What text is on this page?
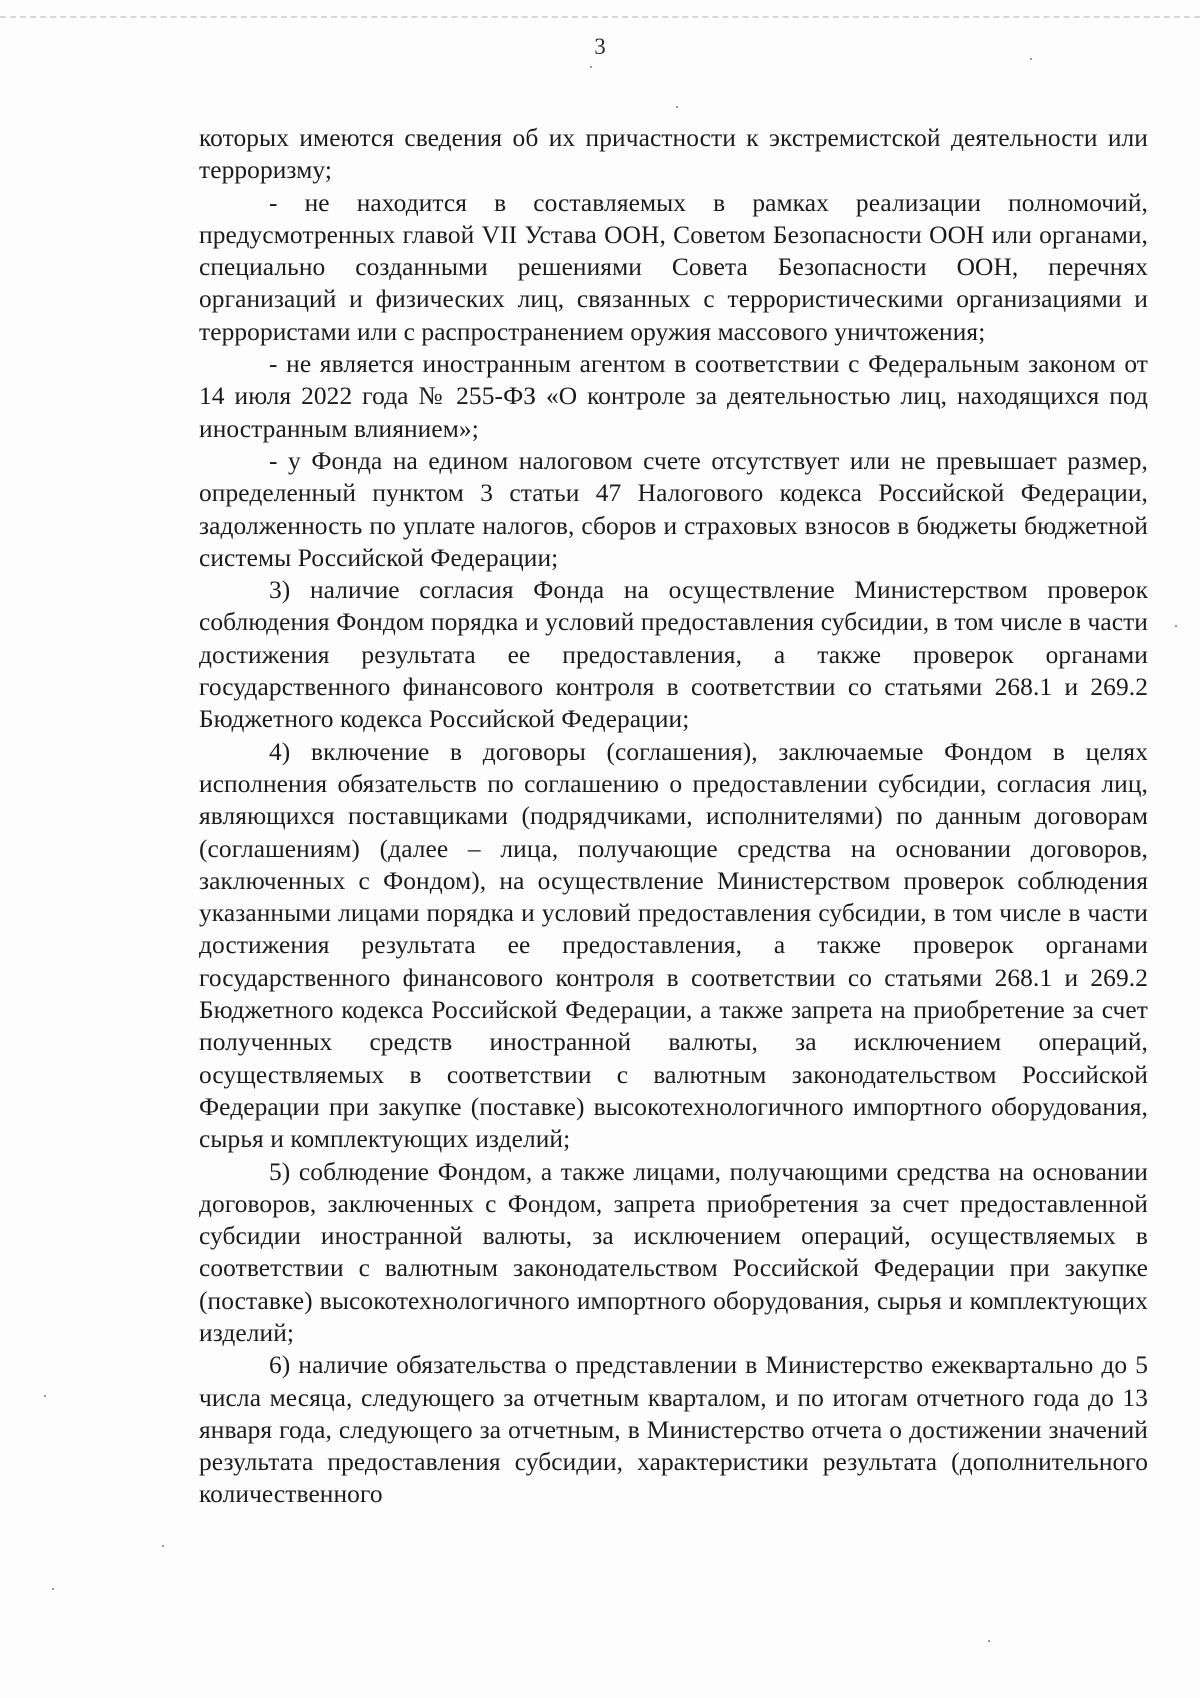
3

которых имеются сведения об их причастности к экстремистской деятельности или терроризму;

- не находится в составляемых в рамках реализации полномочий, предусмотренных главой VII Устава ООН, Советом Безопасности ООН или органами, специально созданными решениями Совета Безопасности ООН, перечнях организаций и физических лиц, связанных с террористическими организациями и террористами или с распространением оружия массового уничтожения;

- не является иностранным агентом в соответствии с Федеральным законом от 14 июля 2022 года № 255-ФЗ «О контроле за деятельностью лиц, находящихся под иностранным влиянием»;

- у Фонда на едином налоговом счете отсутствует или не превышает размер, определенный пунктом 3 статьи 47 Налогового кодекса Российской Федерации, задолженность по уплате налогов, сборов и страховых взносов в бюджеты бюджетной системы Российской Федерации;

3) наличие согласия Фонда на осуществление Министерством проверок соблюдения Фондом порядка и условий предоставления субсидии, в том числе в части достижения результата ее предоставления, а также проверок органами государственного финансового контроля в соответствии со статьями 268.1 и 269.2 Бюджетного кодекса Российской Федерации;

4) включение в договоры (соглашения), заключаемые Фондом в целях исполнения обязательств по соглашению о предоставлении субсидии, согласия лиц, являющихся поставщиками (подрядчиками, исполнителями) по данным договорам (соглашениям) (далее – лица, получающие средства на основании договоров, заключенных с Фондом), на осуществление Министерством проверок соблюдения указанными лицами порядка и условий предоставления субсидии, в том числе в части достижения результата ее предоставления, а также проверок органами государственного финансового контроля в соответствии со статьями 268.1 и 269.2 Бюджетного кодекса Российской Федерации, а также запрета на приобретение за счет полученных средств иностранной валюты, за исключением операций, осуществляемых в соответствии с валютным законодательством Российской Федерации при закупке (поставке) высокотехнологичного импортного оборудования, сырья и комплектующих изделий;

5) соблюдение Фондом, а также лицами, получающими средства на основании договоров, заключенных с Фондом, запрета приобретения за счет предоставленной субсидии иностранной валюты, за исключением операций, осуществляемых в соответствии с валютным законодательством Российской Федерации при закупке (поставке) высокотехнологичного импортного оборудования, сырья и комплектующих изделий;

6) наличие обязательства о представлении в Министерство ежеквартально до 5 числа месяца, следующего за отчетным кварталом, и по итогам отчетного года до 13 января года, следующего за отчетным, в Министерство отчета о достижении значений результата предоставления субсидии, характеристики результата (дополнительного количественного
